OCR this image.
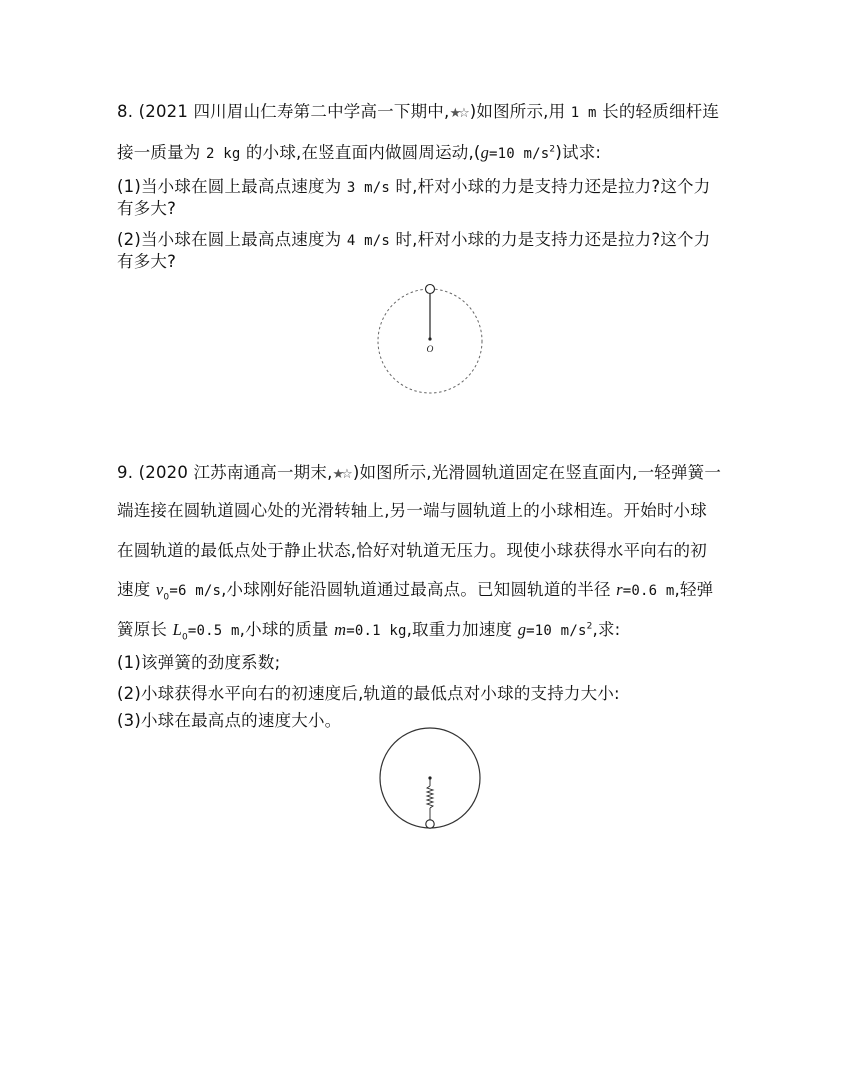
8. (2021 四川眉山仁寿第二中学高一下期中,★☆ )如图所示,用 1 m 长的轻质细杆连
接一质量为 2 kg 的小球,在竖直面内做圆周运动,(g=10 $m/s^2$)试求:
(1)当小球在圆上最高点速度为 3 m/s 时,杆对小球的力是支持力还是拉力?这个力
有多大?
(2)当小球在圆上最高点速度为 4 m/s 时,杆对小球的力是支持力还是拉力?这个力
有多大?
O
9. (2020 江苏南通高一期末,★☆ )如图所示,光滑圆轨道固定在竖直面内,一轻弹簧一
端连接在圆轨道圆心处的光滑转轴上,另一端与圆轨道上的小球相连。开始时小球
在圆轨道的最低点处于静止状态,恰好对轨道无压力。现使小球获得水平向右的初
速度 $v_0=6$ m/s,小球刚好能沿圆轨道通过最高点。已知圆轨道的半径 r=0.6 m,轻弹
簧原长 $L_0=0.5$ m,小球的质量 m=0.1 kg,取重力加速度 g=10 $m/s^2$,求:
(1)该弹簧的劲度系数;
(2)小球获得水平向右的初速度后,轨道的最低点对小球的支持力大小:
(3)小球在最高点的速度大小。
